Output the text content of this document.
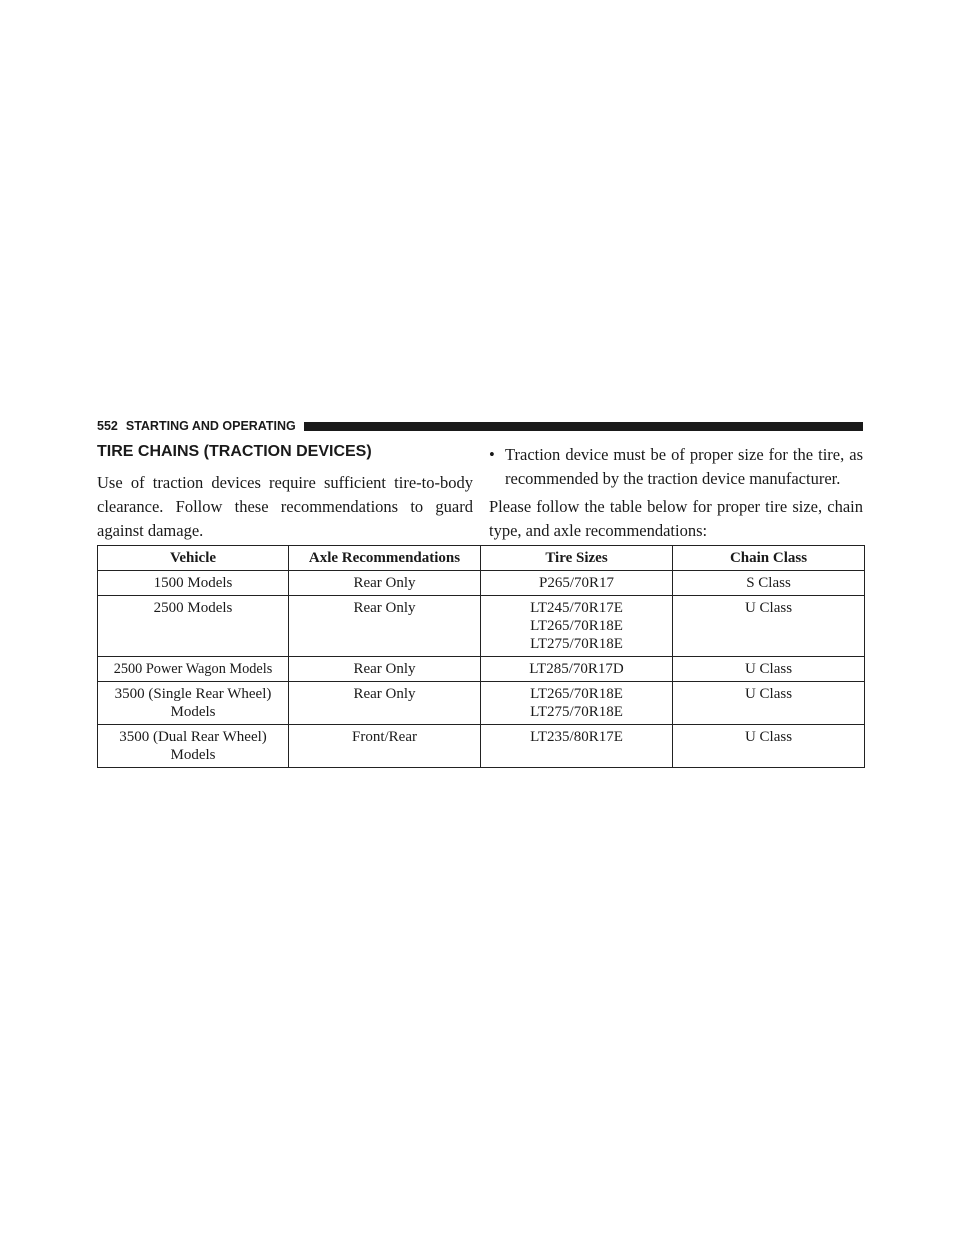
552 STARTING AND OPERATING
TIRE CHAINS (TRACTION DEVICES)

Use of traction devices require sufficient tire-to-body clearance. Follow these recommendations to guard against damage.

• Traction device must be of proper size for the tire, as recommended by the traction device manufacturer.

Please follow the table below for proper tire size, chain type, and axle recommendations:

Vehicle	Axle Recommendations	Tire Sizes	Chain Class

1500 Models	Rear Only	P265/70R17	S Class

2500 Models	Rear Only	LT245/70R17E
LT265/70R18E
LT275/70R18E	U Class

2500 Power Wagon Models	Rear Only	LT285/70R17D	U Class

3500 (Single Rear Wheel)
Models	Rear Only	LT265/70R18E
LT275/70R18E	U Class

3500 (Dual Rear Wheel)
Models	Front/Rear	LT235/80R17E	U Class
